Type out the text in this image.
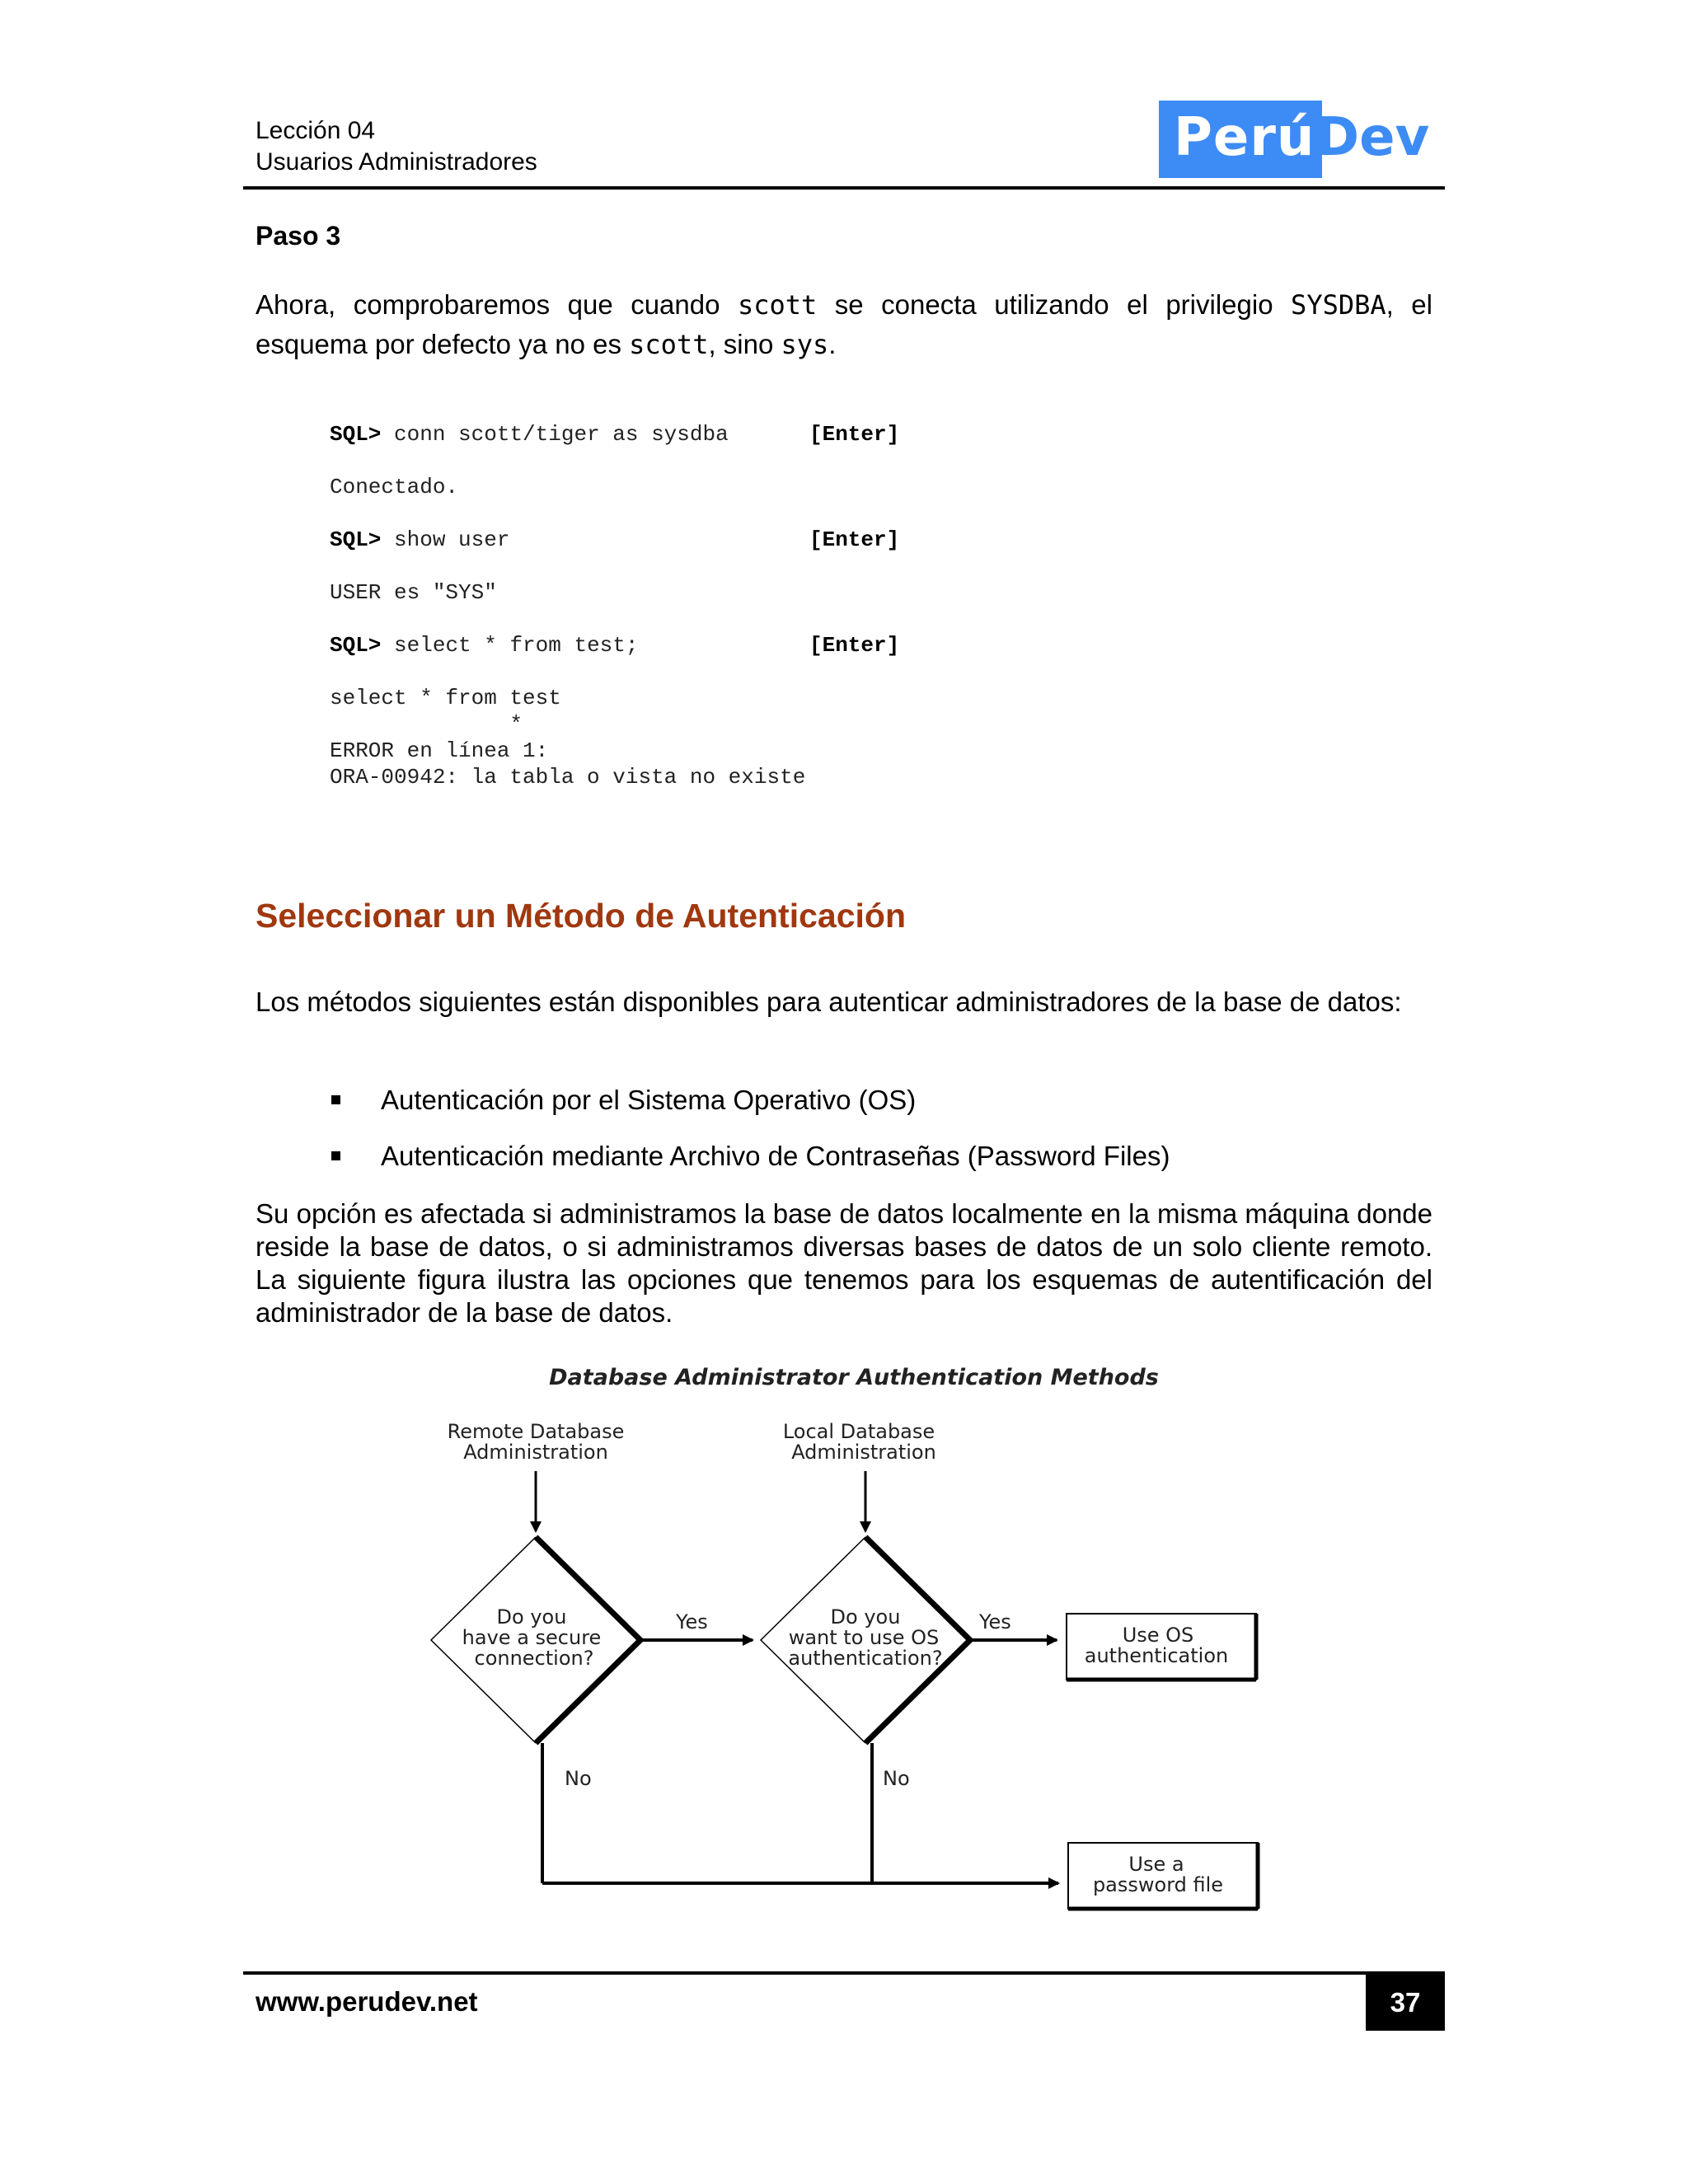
Lección 04
Usuarios Administradores	Perú Dev
Paso 3
Ahora, comprobaremos que cuando scott se conecta utilizando el privilegio SYSDBA, el esquema por defecto ya no es scott, sino sys.
SQL> conn scott/tiger as sysdba	[Enter]
Conectado.
SQL> show user	[Enter]
USER es "SYS"
SQL> select * from test;	[Enter]
select * from test
*
ERROR en línea 1:
ORA-00942: la tabla o vista no existe
Seleccionar un Método de Autenticación
Los métodos siguientes están disponibles para autenticar administradores de la base de datos:
Autenticación por el Sistema Operativo (OS)
Autenticación mediante Archivo de Contraseñas (Password Files)
Su opción es afectada si administramos la base de datos localmente en la misma máquina donde reside la base de datos, o si administramos diversas bases de datos de un solo cliente remoto. La siguiente figura ilustra las opciones que tenemos para los esquemas de autentificación del administrador de la base de datos.
Database Administrator Authentication Methods
Remote Database
Administration
Local Database
Administration
Do you
have a secure
connection?
Do you
want to use OS
authentication?
Yes	Yes
Use OS
authentication
No	No
Use a
password file
www.perudev.net	37
